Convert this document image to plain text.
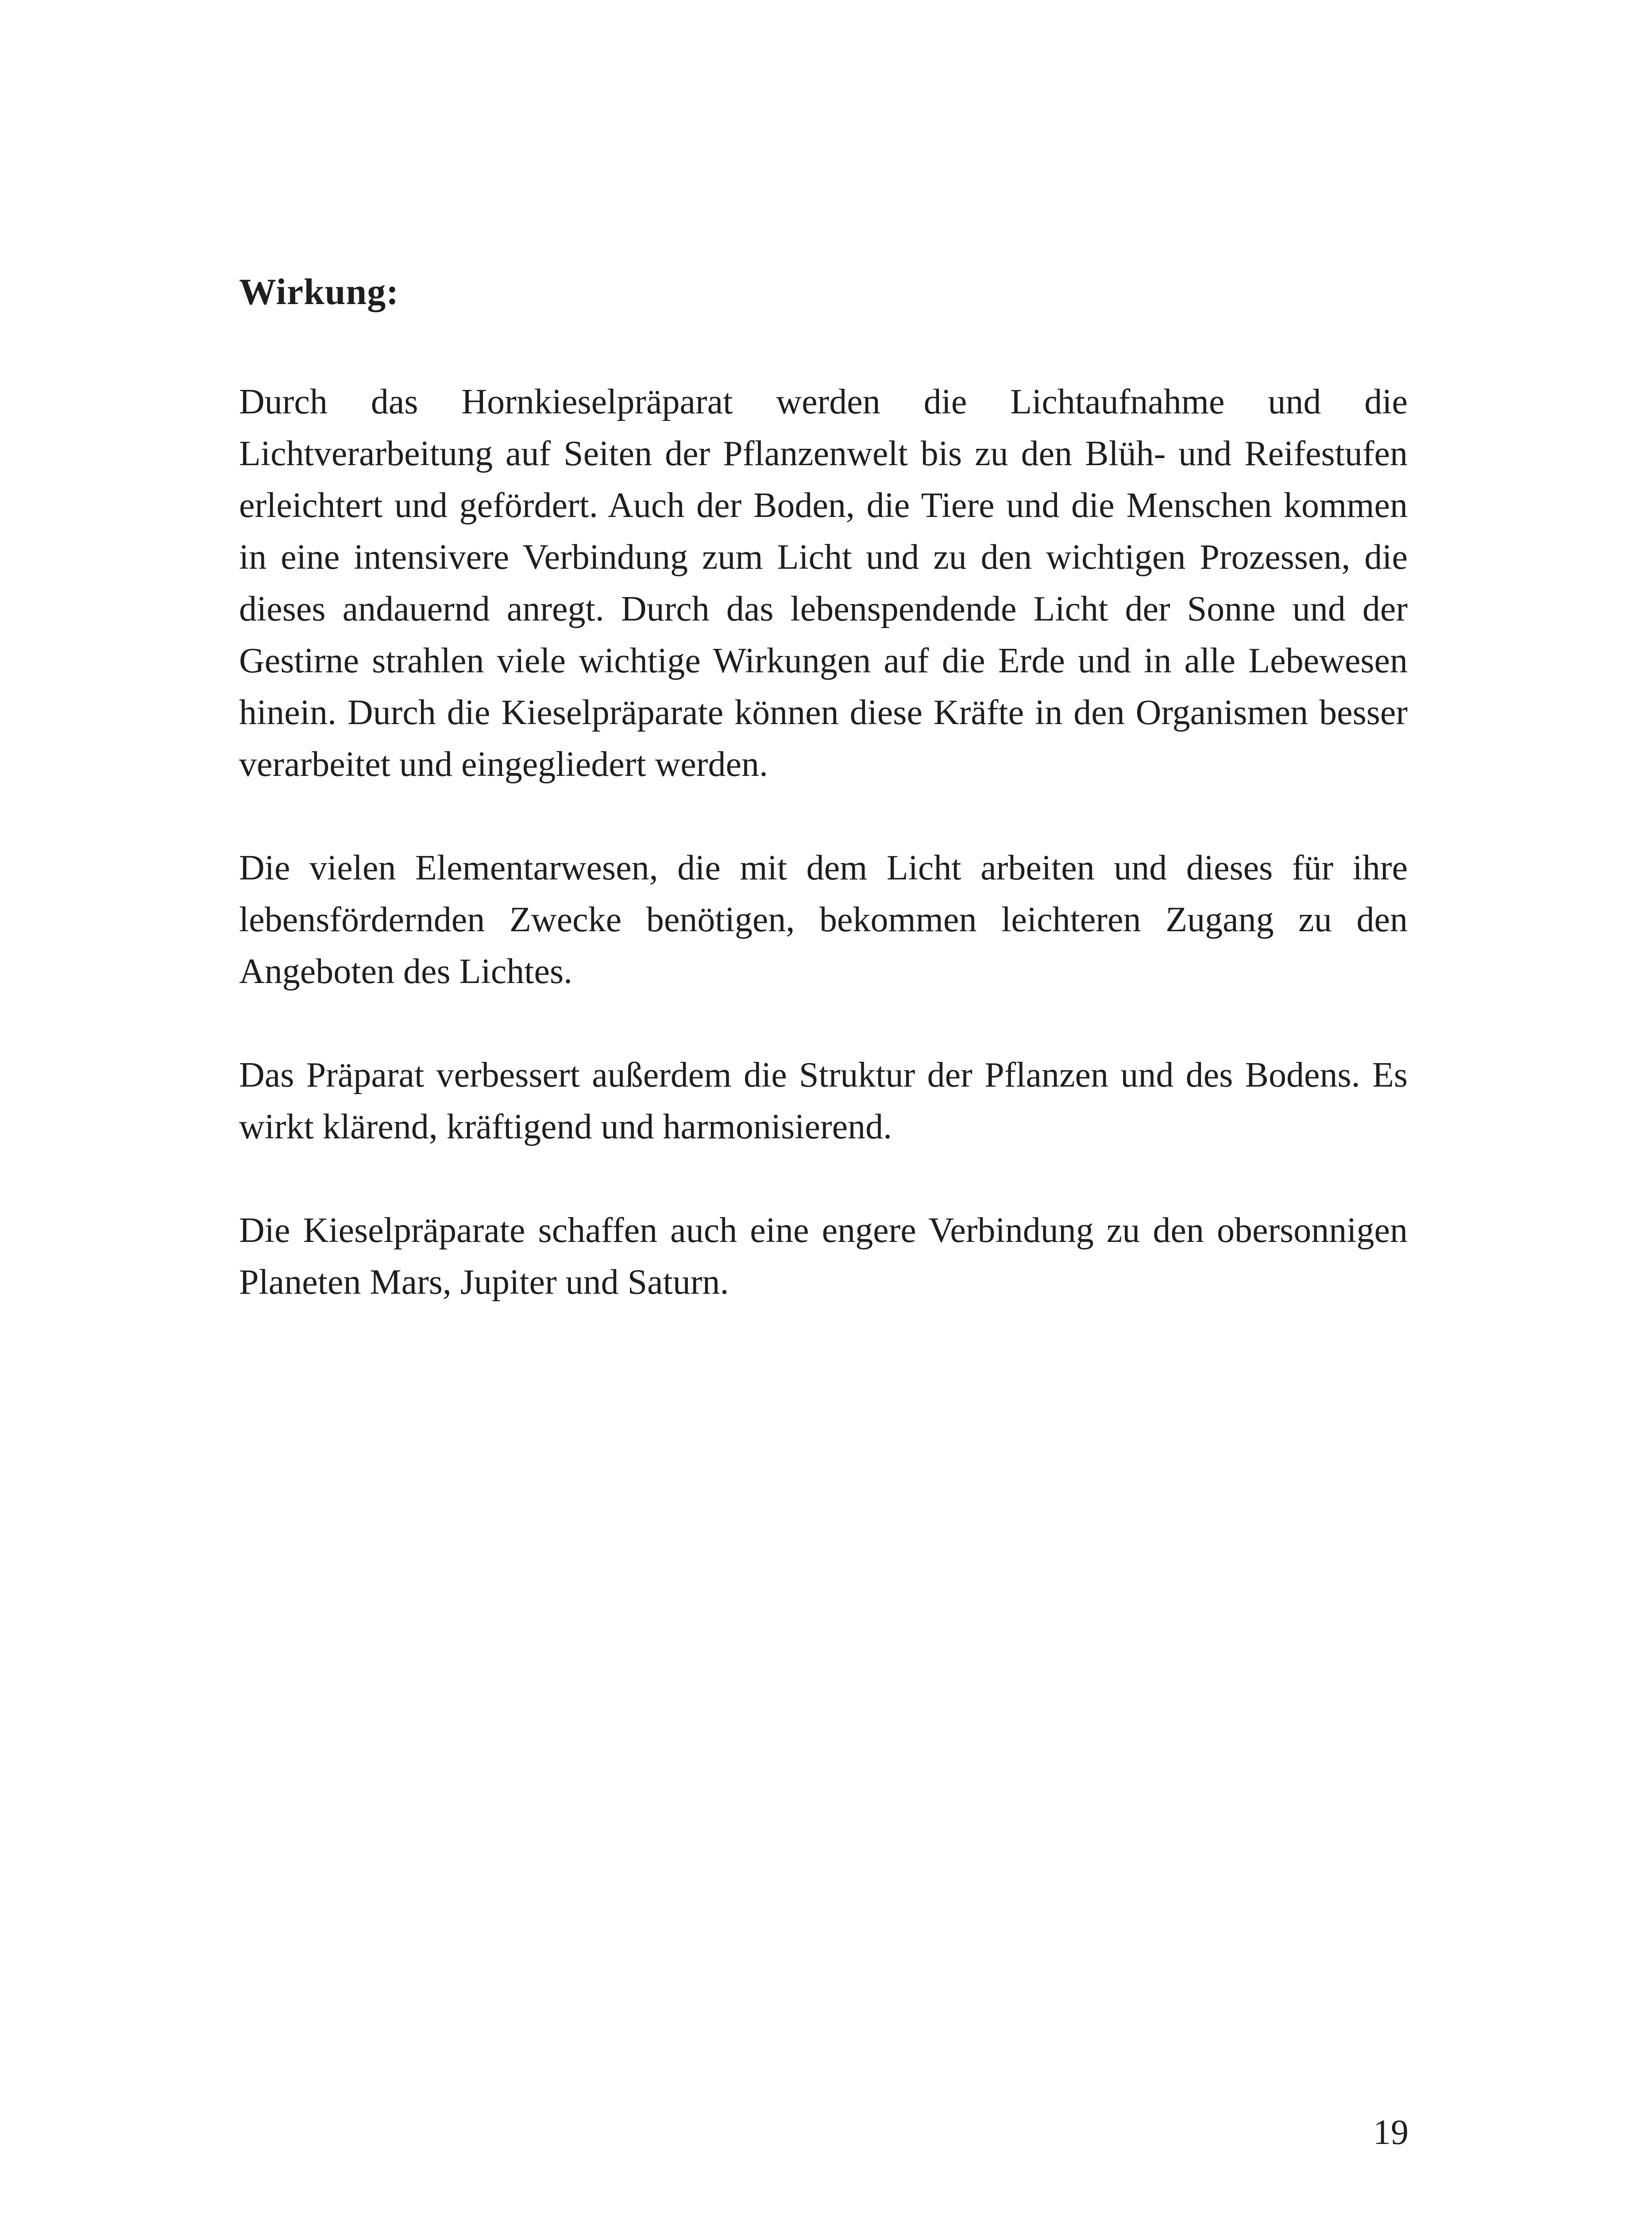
Wirkung:

Durch das Hornkieselpräparat werden die Lichtaufnahme und die Lichtverarbeitung auf Seiten der Pflanzenwelt bis zu den Blüh- und Reifestufen erleichtert und gefördert. Auch der Boden, die Tiere und die Menschen kommen in eine intensivere Verbindung zum Licht und zu den wichtigen Prozessen, die dieses andauernd anregt. Durch das lebenspendende Licht der Sonne und der Gestirne strahlen viele wichtige Wirkungen auf die Erde und in alle Lebewesen hinein. Durch die Kieselpräparate können diese Kräfte in den Organismen besser verarbeitet und eingegliedert werden.

Die vielen Elementarwesen, die mit dem Licht arbeiten und dieses für ihre lebensfördernden Zwecke benötigen, bekommen leichteren Zugang zu den Angeboten des Lichtes.

Das Präparat verbessert außerdem die Struktur der Pflanzen und des Bodens. Es wirkt klärend, kräftigend und harmonisierend.

Die Kieselpräparate schaffen auch eine engere Verbindung zu den obersonnigen Planeten Mars, Jupiter und Saturn.

19
